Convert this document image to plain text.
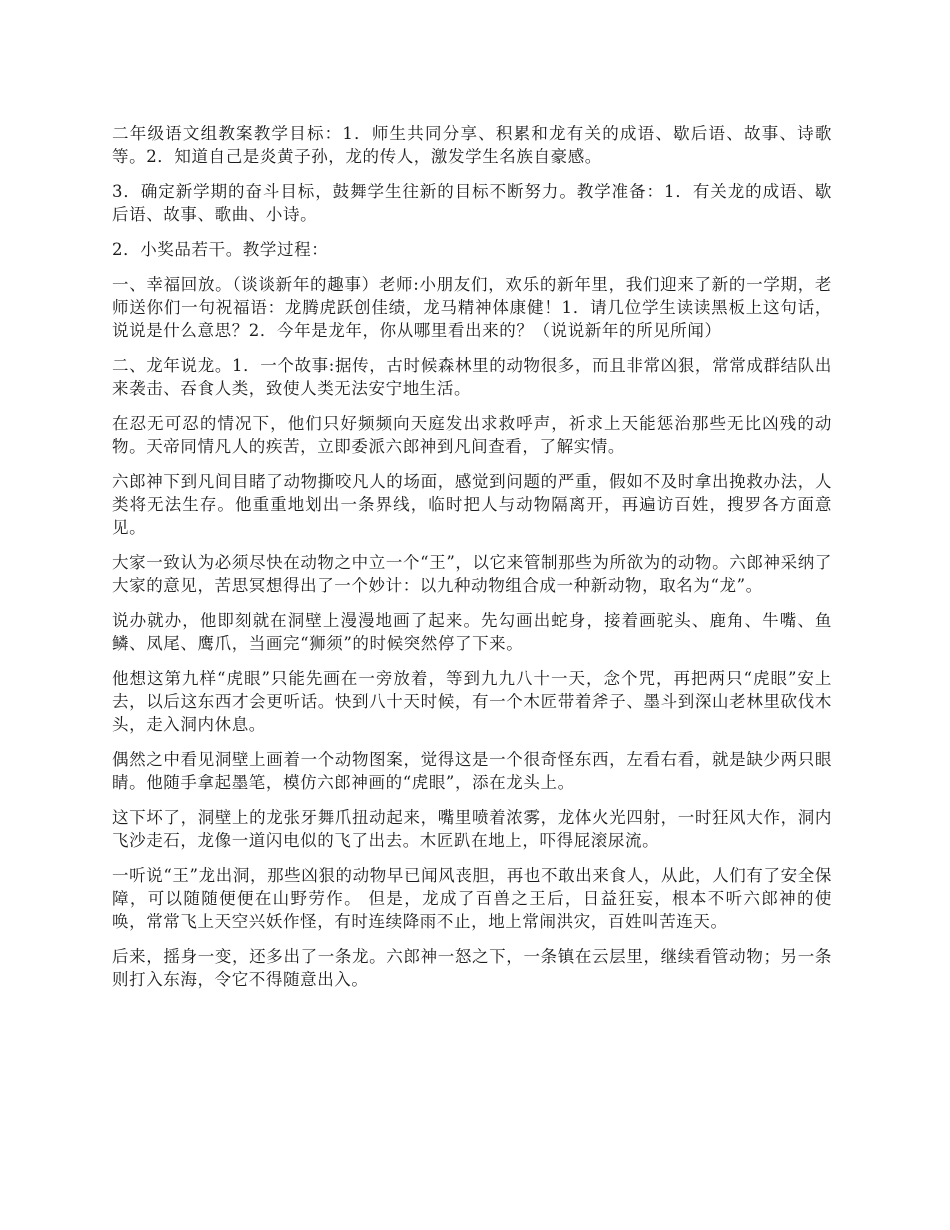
二年级语文组教案教学目标：1．师生共同分享、积累和龙有关的成语、歇后语、故事、诗歌等。2．知道自己是炎黄子孙，龙的传人，激发学生名族自豪感。

3．确定新学期的奋斗目标，鼓舞学生往新的目标不断努力。教学准备：1．有关龙的成语、歇后语、故事、歌曲、小诗。

2．小奖品若干。教学过程：

一、幸福回放。（谈谈新年的趣事）老师:小朋友们，欢乐的新年里，我们迎来了新的一学期，老师送你们一句祝福语：龙腾虎跃创佳绩，龙马精神体康健！1．请几位学生读读黑板上这句话，说说是什么意思？2．今年是龙年，你从哪里看出来的？（说说新年的所见所闻）

二、龙年说龙。1．一个故事:据传，古时候森林里的动物很多，而且非常凶狠，常常成群结队出来袭击、吞食人类，致使人类无法安宁地生活。

在忍无可忍的情况下，他们只好频频向天庭发出求救呼声，祈求上天能惩治那些无比凶残的动物。天帝同情凡人的疾苦，立即委派六郎神到凡间查看，了解实情。

六郎神下到凡间目睹了动物撕咬凡人的场面，感觉到问题的严重，假如不及时拿出挽救办法，人类将无法生存。他重重地划出一条界线，临时把人与动物隔离开，再遍访百姓，搜罗各方面意见。

大家一致认为必须尽快在动物之中立一个“王”，以它来管制那些为所欲为的动物。六郎神采纳了大家的意见，苦思冥想得出了一个妙计：以九种动物组合成一种新动物，取名为“龙”。

说办就办，他即刻就在洞壁上漫漫地画了起来。先勾画出蛇身，接着画驼头、鹿角、牛嘴、鱼鳞、凤尾、鹰爪，当画完“狮须”的时候突然停了下来。

他想这第九样“虎眼”只能先画在一旁放着，等到九九八十一天，念个咒，再把两只“虎眼”安上去，以后这东西才会更听话。快到八十天时候，有一个木匠带着斧子、墨斗到深山老林里砍伐木头，走入洞内休息。

偶然之中看见洞壁上画着一个动物图案，觉得这是一个很奇怪东西，左看右看，就是缺少两只眼睛。他随手拿起墨笔，模仿六郎神画的“虎眼”，添在龙头上。

这下坏了，洞壁上的龙张牙舞爪扭动起来，嘴里喷着浓雾，龙体火光四射，一时狂风大作，洞内飞沙走石，龙像一道闪电似的飞了出去。木匠趴在地上，吓得屁滚尿流。

一听说“王”龙出洞，那些凶狠的动物早已闻风丧胆，再也不敢出来食人，从此，人们有了安全保障，可以随随便便在山野劳作。 但是，龙成了百兽之王后，日益狂妄，根本不听六郎神的使唤，常常飞上天空兴妖作怪，有时连续降雨不止，地上常闹洪灾，百姓叫苦连天。

后来，摇身一变，还多出了一条龙。六郎神一怒之下，一条镇在云层里，继续看管动物；另一条则打入东海，令它不得随意出入。
